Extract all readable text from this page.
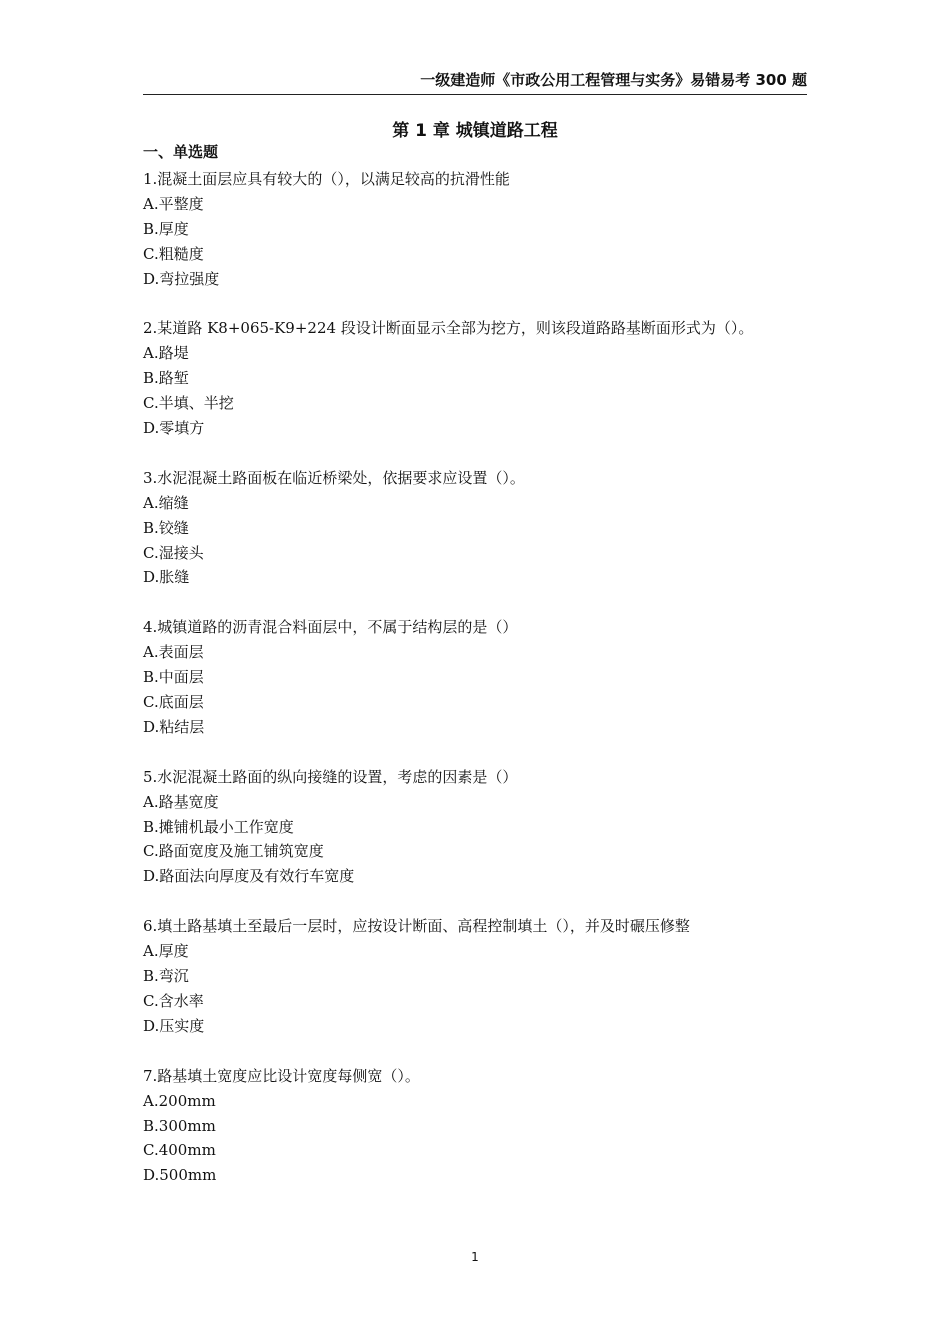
一级建造师《市政公用工程管理与实务》易错易考 300 题
第 1 章 城镇道路工程
一、单选题
1.混凝土面层应具有较大的（），以满足较高的抗滑性能
A.平整度
B.厚度
C.粗糙度
D.弯拉强度
2.某道路 K8+065-K9+224 段设计断面显示全部为挖方，则该段道路路基断面形式为（）。
A.路堤
B.路堑
C.半填、半挖
D.零填方
3.水泥混凝土路面板在临近桥梁处，依据要求应设置（）。
A.缩缝
B.铰缝
C.湿接头
D.胀缝
4.城镇道路的沥青混合料面层中，不属于结构层的是（）
A.表面层
B.中面层
C.底面层
D.粘结层
5.水泥混凝土路面的纵向接缝的设置，考虑的因素是（）
A.路基宽度
B.摊铺机最小工作宽度
C.路面宽度及施工铺筑宽度
D.路面法向厚度及有效行车宽度
6.填土路基填土至最后一层时，应按设计断面、高程控制填土（），并及时碾压修整
A.厚度
B.弯沉
C.含水率
D.压实度
7.路基填土宽度应比设计宽度每侧宽（）。
A.200mm
B.300mm
C.400mm
D.500mm
1
